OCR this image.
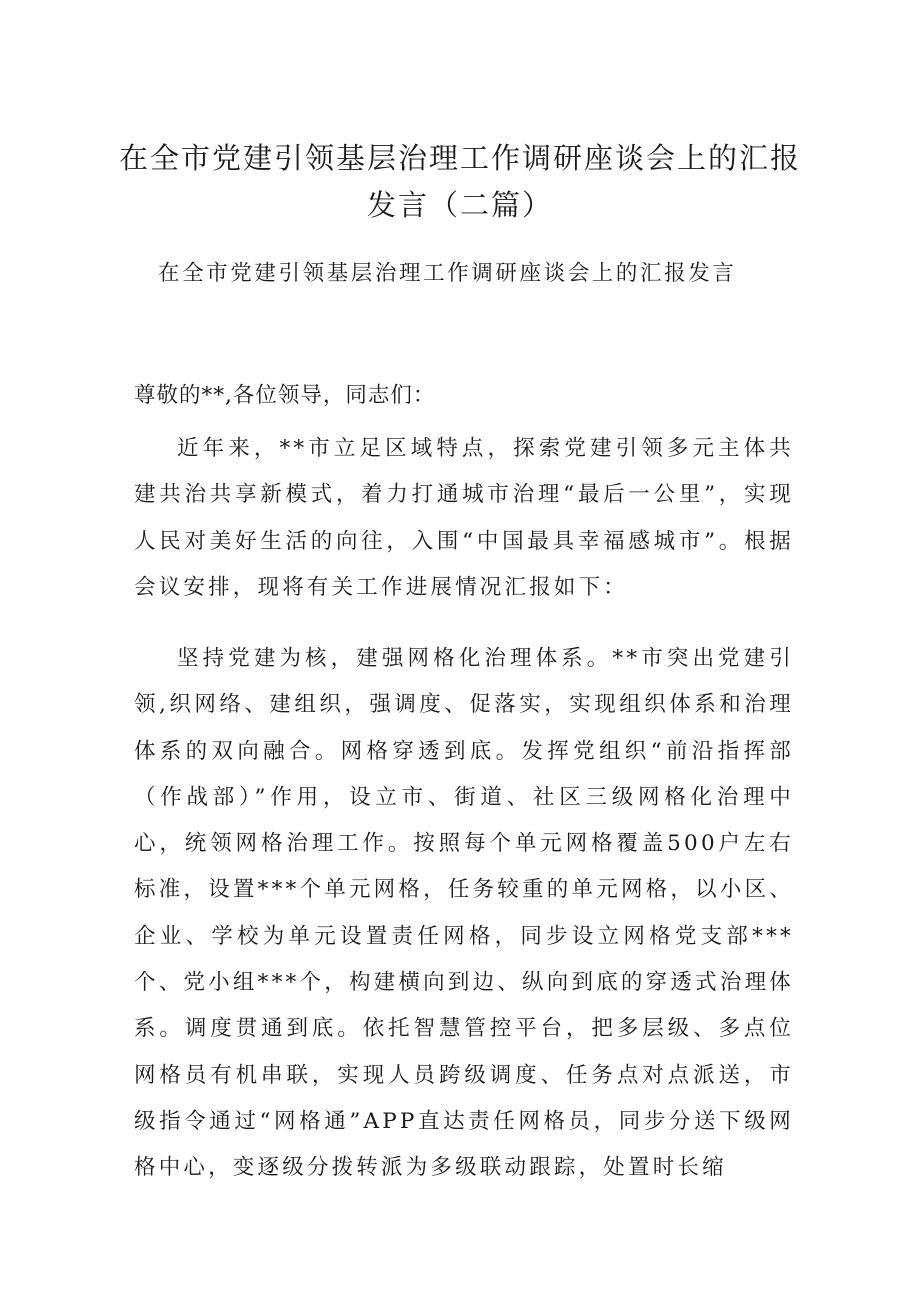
在全市党建引领基层治理工作调研座谈会上的汇报
发言（二篇）
在全市党建引领基层治理工作调研座谈会上的汇报发言
尊敬的**,各位领导，同志们：

近年来，**市立足区域特点，探索党建引领多元主体共建共治共享新模式，着力打通城市治理“最后一公里”，实现人民对美好生活的向往，入围“中国最具幸福感城市”。根据会议安排，现将有关工作进展情况汇报如下：

坚持党建为核，建强网格化治理体系。**市突出党建引领,织网络、建组织，强调度、促落实，实现组织体系和治理体系的双向融合。网格穿透到底。发挥党组织“前沿指挥部（作战部）”作用，设立市、街道、社区三级网格化治理中心，统领网格治理工作。按照每个单元网格覆盖500户左右标准，设置***个单元网格，任务较重的单元网格，以小区、企业、学校为单元设置责任网格，同步设立网格党支部***个、党小组***个，构建横向到边、纵向到底的穿透式治理体系。调度贯通到底。依托智慧管控平台，把多层级、多点位网格员有机串联，实现人员跨级调度、任务点对点派送，市级指令通过“网格通”APP直达责任网格员，同步分送下级网格中心，变逐级分拨转派为多级联动跟踪，处置时长缩
